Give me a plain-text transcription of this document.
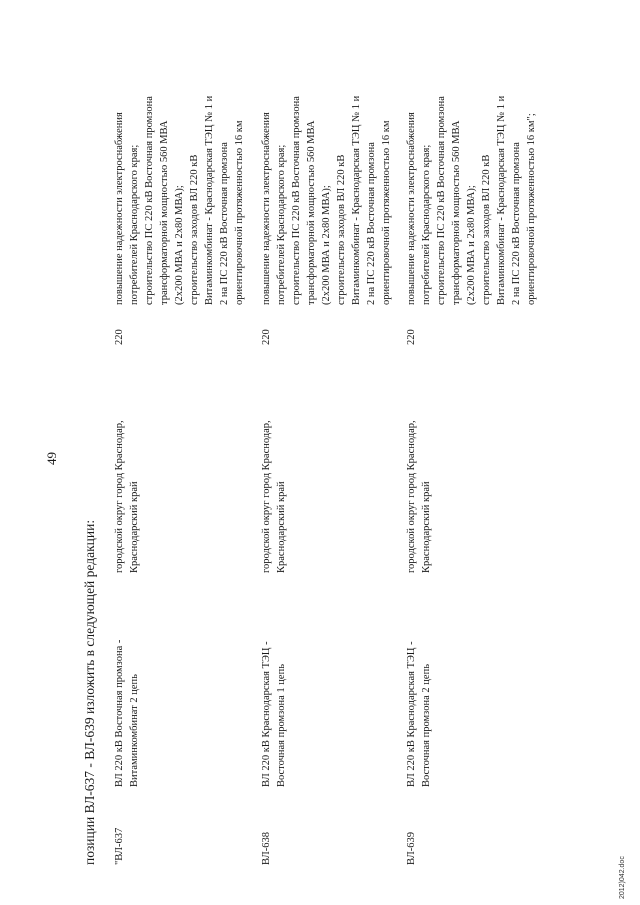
49
позиции ВЛ-637 - ВЛ-639 изложить в следующей редакции: "ВЛ-637
ВЛ 220 кВ Восточная промзона - Витаминкомбинат 2 цепь
городской округ город Краснодар, Краснодарский край
220
повышение надежности электроснабжения потребителей Краснодарского края; строительство ПС 220 кВ Восточная промзона трансформаторной мощностью 560 МВА (2х200 МВА и 2х80 МВА); строительство заходов ВЛ 220 кВ Витаминкомбинат - Краснодарская ТЭЦ № 1 и 2 на ПС 220 кВ Восточная промзона ориентировочной протяженностью 16 км
ВЛ-638
ВЛ 220 кВ Краснодарская ТЭЦ - Восточная промзона 1 цепь
городской округ город Краснодар, Краснодарский край
220
повышение надежности электроснабжения потребителей Краснодарского края; строительство ПС 220 кВ Восточная промзона трансформаторной мощностью 560 МВА (2х200 МВА и 2х80 МВА); строительство заходов ВЛ 220 кВ Витаминкомбинат - Краснодарская ТЭЦ № 1 и 2 на ПС 220 кВ Восточная промзона ориентировочной протяженностью 16 км
ВЛ-639
ВЛ 220 кВ Краснодарская ТЭЦ - Восточная промзона 2 цепь
городской округ город Краснодар, Краснодарский край
220
повышение надежности электроснабжения потребителей Краснодарского края; строительство ПС 220 кВ Восточная промзона трансформаторной мощностью 560 МВА (2х200 МВА и 2х80 МВА); строительство заходов ВЛ 220 кВ Витаминкомбинат - Краснодарская ТЭЦ № 1 и 2 на ПС 220 кВ Восточная промзона ориентировочной протяженностью 16 км";
2012)042.doc
